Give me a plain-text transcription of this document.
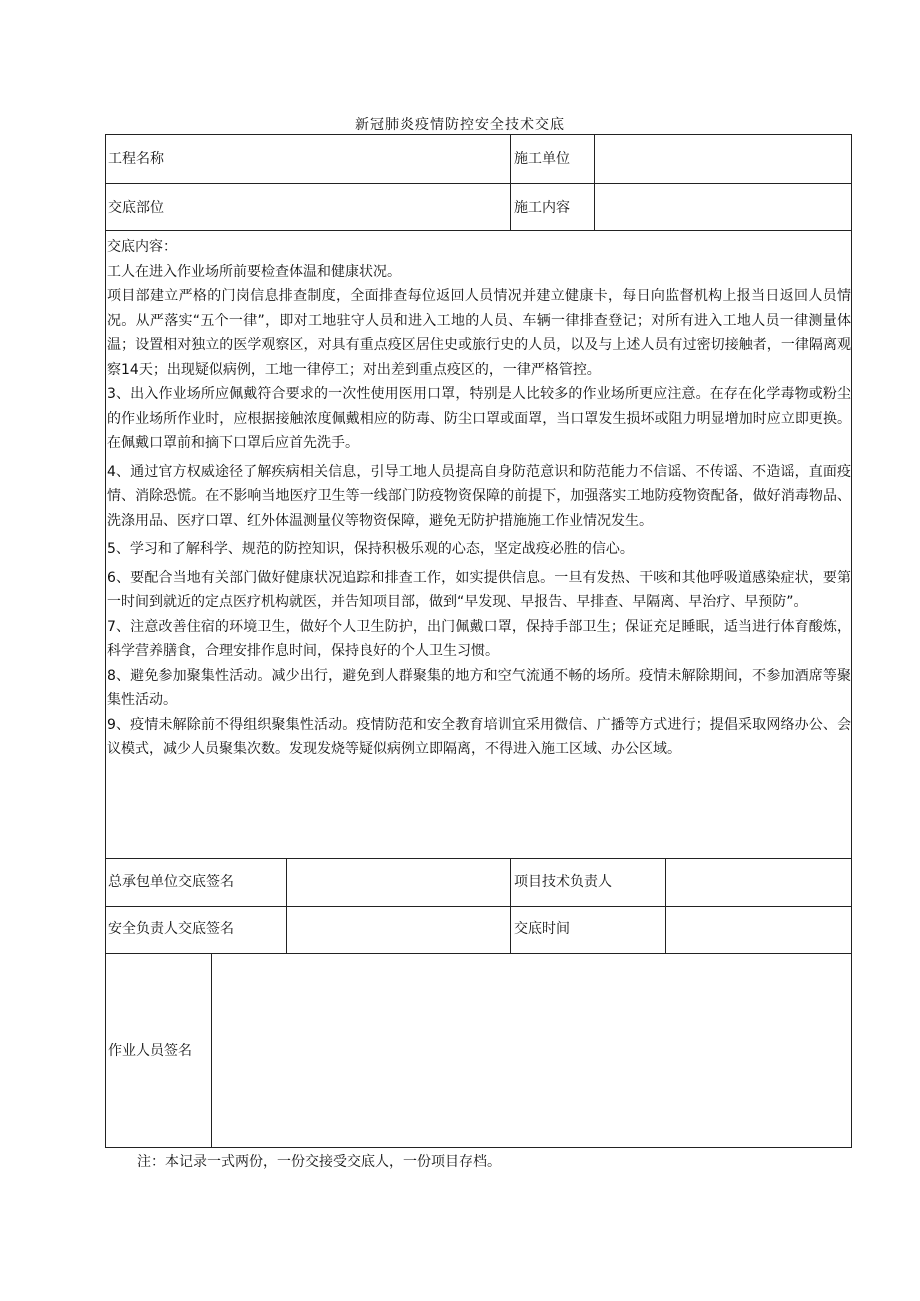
新冠肺炎疫情防控安全技术交底
工程名称	施工单位
交底部位	施工内容

交底内容：

工人在进入作业场所前要检查体温和健康状况。

项目部建立严格的门岗信息排查制度，全面排查每位返回人员情况并建立健康卡，每日向监督机构上报当日返回人员情况。从严落实“五个一律”，即对工地驻守人员和进入工地的人员、车辆一律排查登记；对所有进入工地人员一律测量体温；设置相对独立的医学观察区，对具有重点疫区居住史或旅行史的人员，以及与上述人员有过密切接触者，一律隔离观察14天；出现疑似病例，工地一律停工；对出差到重点疫区的，一律严格管控。

3、出入作业场所应佩戴符合要求的一次性使用医用口罩，特别是人比较多的作业场所更应注意。在存在化学毒物或粉尘的作业场所作业时，应根据接触浓度佩戴相应的防毒、防尘口罩或面罩，当口罩发生损坏或阻力明显增加时应立即更换。在佩戴口罩前和摘下口罩后应首先洗手。

4、通过官方权威途径了解疾病相关信息，引导工地人员提高自身防范意识和防范能力不信谣、不传谣、不造谣，直面疫情、消除恐慌。在不影响当地医疗卫生等一线部门防疫物资保障的前提下，加强落实工地防疫物资配备，做好消毒物品、洗涤用品、医疗口罩、红外体温测量仪等物资保障，避免无防护措施施工作业情况发生。

5、学习和了解科学、规范的防控知识，保持积极乐观的心态，坚定战疫必胜的信心。

6、要配合当地有关部门做好健康状况追踪和排查工作，如实提供信息。一旦有发热、干咳和其他呼吸道感染症状，要第一时间到就近的定点医疗机构就医，并告知项目部，做到“早发现、早报告、早排查、早隔离、早治疗、早预防”。

7、注意改善住宿的环境卫生，做好个人卫生防护，出门佩戴口罩，保持手部卫生；保证充足睡眠，适当进行体育酸炼，科学营养膳食，合理安排作息时间，保持良好的个人卫生习惯。

8、避免参加聚集性活动。减少出行，避免到人群聚集的地方和空气流通不畅的场所。疫情未解除期间，不参加酒席等聚集性活动。

9、疫情未解除前不得组织聚集性活动。疫情防范和安全教育培训宜采用微信、广播等方式进行；提倡采取网络办公、会议模式，减少人员聚集次数。发现发烧等疑似病例立即隔离，不得进入施工区域、办公区域。

总承包单位交底签名	项目技术负责人
安全负责人交底签名	交底时间
作业人员签名
注：本记录一式两份，一份交接受交底人，一份项目存档。
